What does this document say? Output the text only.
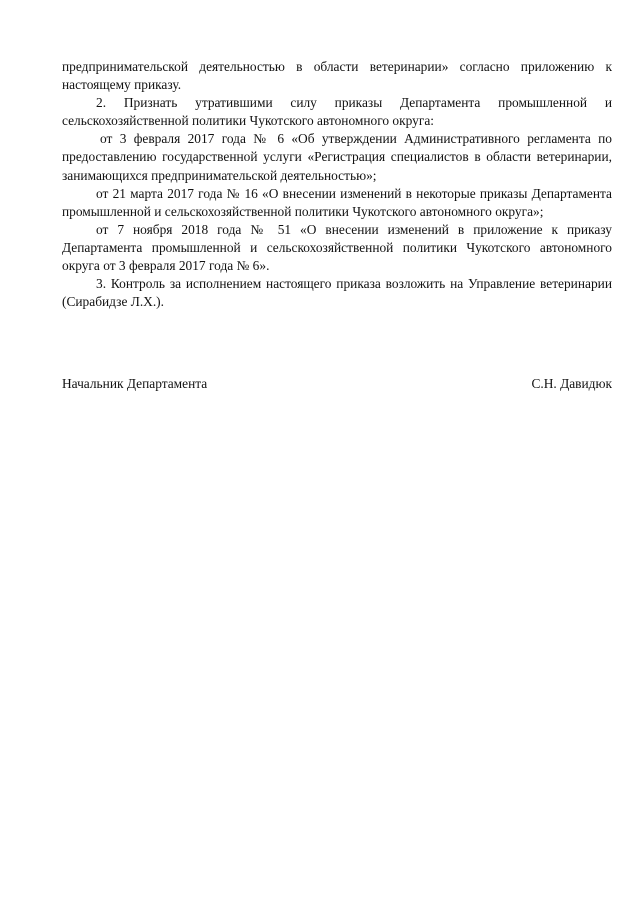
предпринимательской деятельностью в области ветеринарии» согласно приложению к настоящему приказу.

2. Признать утратившими силу приказы Департамента промышленной и сельскохозяйственной политики Чукотского автономного округа:

от 3 февраля 2017 года № 6 «Об утверждении Административного регламента по предоставлению государственной услуги «Регистрация специалистов в области ветеринарии, занимающихся предпринимательской деятельностью»;

от 21 марта 2017 года № 16 «О внесении изменений в некоторые приказы Департамента промышленной и сельскохозяйственной политики Чукотского автономного округа»;

от 7 ноября 2018 года № 51 «О внесении изменений в приложение к приказу Департамента промышленной и сельскохозяйственной политики Чукотского автономного округа от 3 февраля 2017 года № 6».

3. Контроль за исполнением настоящего приказа возложить на Управление ветеринарии (Сирабидзе Л.Х.).

Начальник Департамента	С.Н. Давидюк
